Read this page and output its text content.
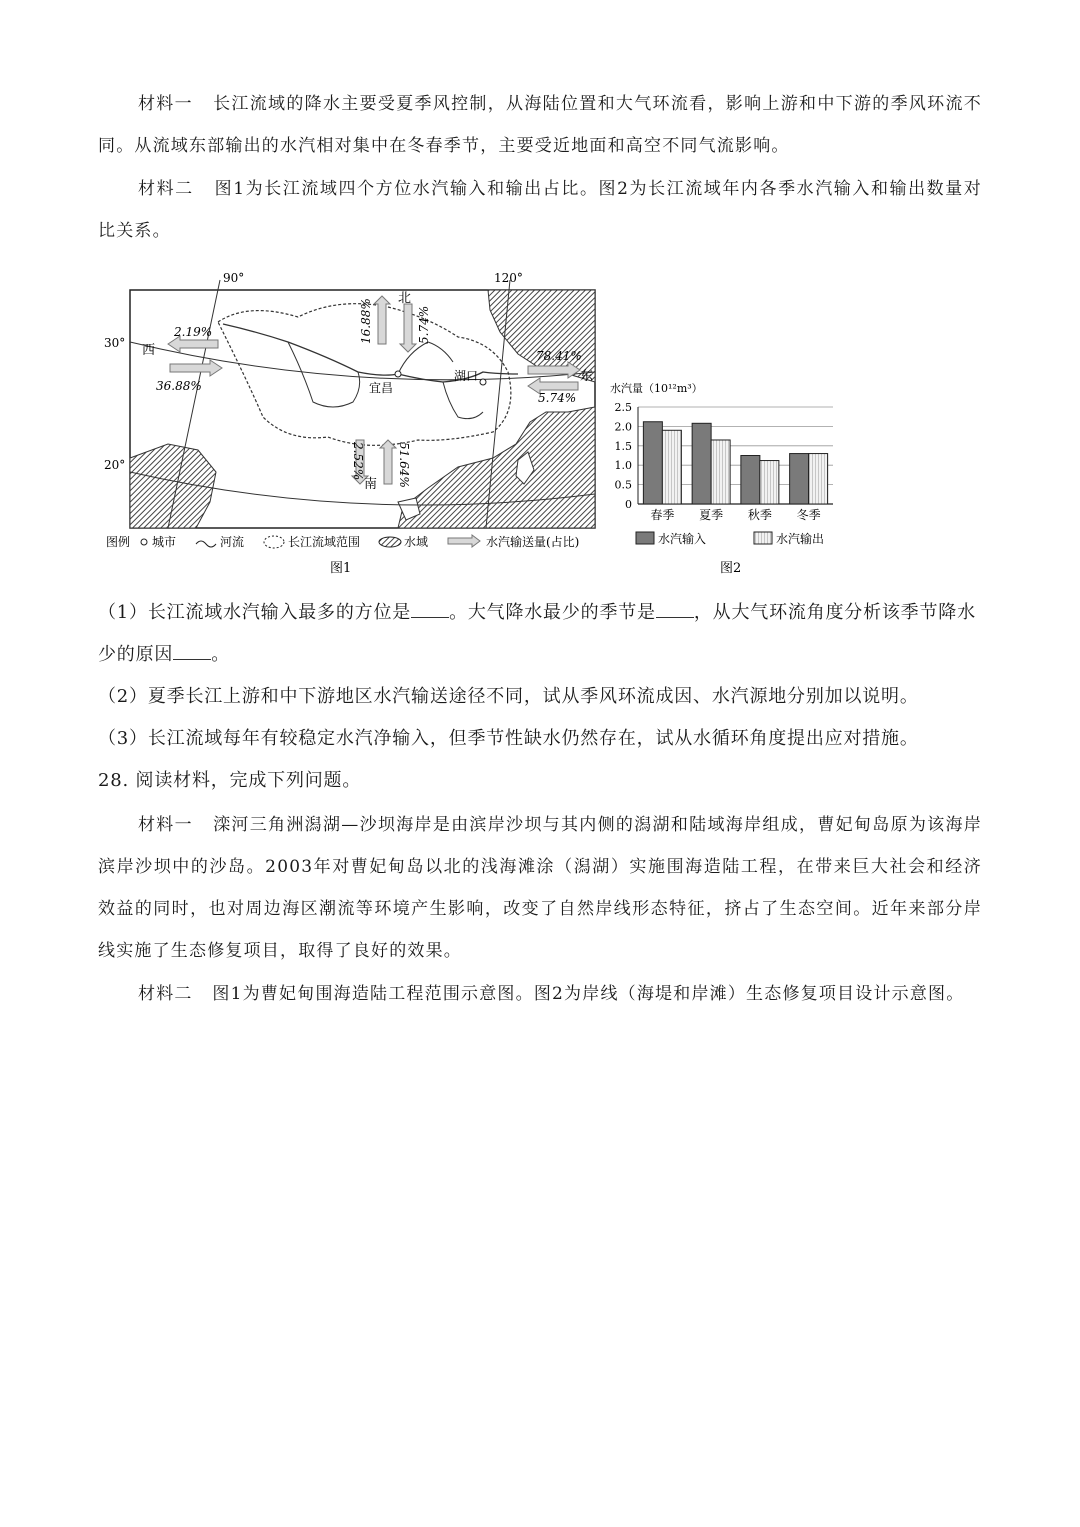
材料一 长江流域的降水主要受夏季风控制，从海陆位置和大气环流看，影响上游和中下游的季风环流不同。从流域东部输出的水汽相对集中在冬春季节，主要受近地面和高空不同气流影响。

材料二 图1为长江流域四个方位水汽输入和输出占比。图2为长江流域年内各季水汽输入和输出数量对比关系。

宜昌
湖口
90°	120°
30°
20°
北
16.88%	5.74%
西
2.19%
36.88%
东
78.41%
5.74%
南
2.52%	51.64%
图例 城市	河流	长江流域范围	水域	水汽输送量(占比)
图1
水汽量（10¹²m³）
0
0.5
1.0
1.5
2.0
2.5
春季 夏季 秋季 冬季
水汽输入	水汽输出
图2

（1）长江流域水汽输入最多的方位是 。大气降水最少的季节是 ，从大气环流角度分析该季节降水少的原因 。

（2）夏季长江上游和中下游地区水汽输送途径不同，试从季风环流成因、水汽源地分别加以说明。

（3）长江流域每年有较稳定水汽净输入，但季节性缺水仍然存在，试从水循环角度提出应对措施。

28. 阅读材料，完成下列问题。

材料一 滦河三角洲潟湖—沙坝海岸是由滨岸沙坝与其内侧的潟湖和陆域海岸组成，曹妃甸岛原为该海岸滨岸沙坝中的沙岛。2003年对曹妃甸岛以北的浅海滩涂（潟湖）实施围海造陆工程，在带来巨大社会和经济效益的同时，也对周边海区潮流等环境产生影响，改变了自然岸线形态特征，挤占了生态空间。近年来部分岸线实施了生态修复项目，取得了良好的效果。

材料二 图1为曹妃甸围海造陆工程范围示意图。图2为岸线（海堤和岸滩）生态修复项目设计示意图。
